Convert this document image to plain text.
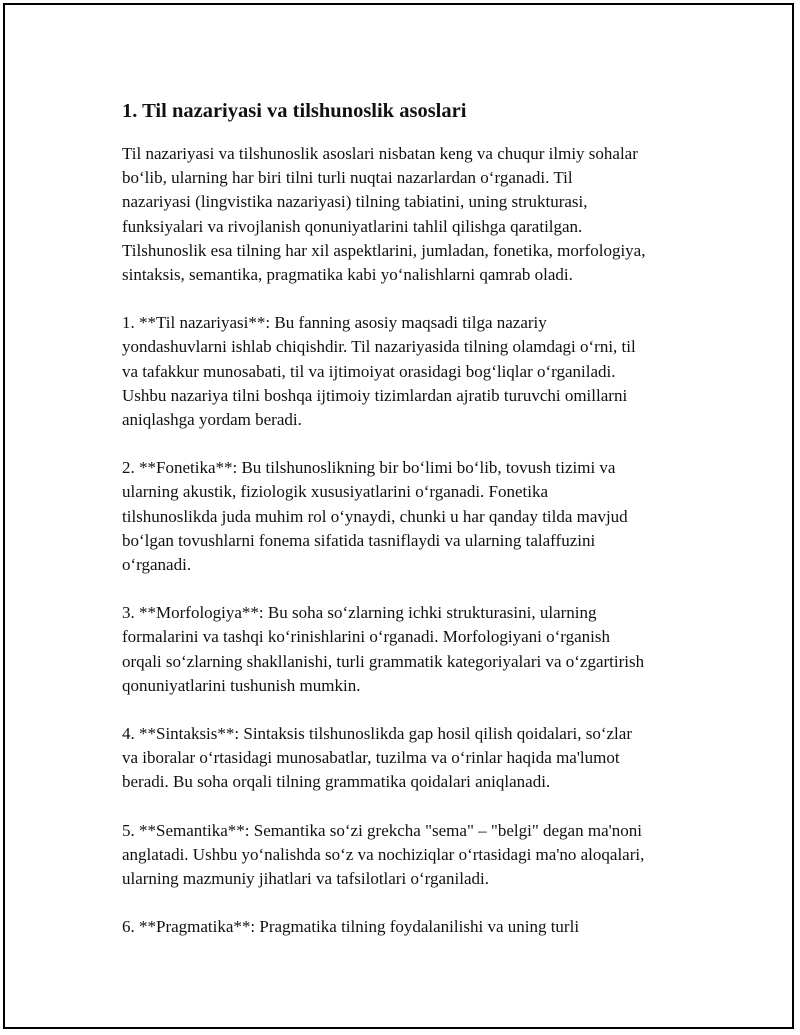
1. Til nazariyasi va tilshunoslik asoslari

Til nazariyasi va tilshunoslik asoslari nisbatan keng va chuqur ilmiy sohalar
bo‘lib, ularning har biri tilni turli nuqtai nazarlardan o‘rganadi. Til
nazariyasi (lingvistika nazariyasi) tilning tabiatini, uning strukturasi,
funksiyalari va rivojlanish qonuniyatlarini tahlil qilishga qaratilgan.
Tilshunoslik esa tilning har xil aspektlarini, jumladan, fonetika, morfologiya,
sintaksis, semantika, pragmatika kabi yo‘nalishlarni qamrab oladi.

1. **Til nazariyasi**: Bu fanning asosiy maqsadi tilga nazariy
yondashuvlarni ishlab chiqishdir. Til nazariyasida tilning olamdagi o‘rni, til
va tafakkur munosabati, til va ijtimoiyat orasidagi bog‘liqlar o‘rganiladi.
Ushbu nazariya tilni boshqa ijtimoiy tizimlardan ajratib turuvchi omillarni
aniqlashga yordam beradi.

2. **Fonetika**: Bu tilshunoslikning bir bo‘limi bo‘lib, tovush tizimi va
ularning akustik, fiziologik xususiyatlarini o‘rganadi. Fonetika
tilshunoslikda juda muhim rol o‘ynaydi, chunki u har qanday tilda mavjud
bo‘lgan tovushlarni fonema sifatida tasniflaydi va ularning talaffuzini
o‘rganadi.

3. **Morfologiya**: Bu soha so‘zlarning ichki strukturasini, ularning
formalarini va tashqi ko‘rinishlarini o‘rganadi. Morfologiyani o‘rganish
orqali so‘zlarning shakllanishi, turli grammatik kategoriyalari va o‘zgartirish
qonuniyatlarini tushunish mumkin.

4. **Sintaksis**: Sintaksis tilshunoslikda gap hosil qilish qoidalari, so‘zlar
va iboralar o‘rtasidagi munosabatlar, tuzilma va o‘rinlar haqida ma'lumot
beradi. Bu soha orqali tilning grammatika qoidalari aniqlanadi.

5. **Semantika**: Semantika so‘zi grekcha "sema" – "belgi" degan ma'noni
anglatadi. Ushbu yo‘nalishda so‘z va nochiziqlar o‘rtasidagi ma'no aloqalari,
ularning mazmuniy jihatlari va tafsilotlari o‘rganiladi.

6. **Pragmatika**: Pragmatika tilning foydalanilishi va uning turli
